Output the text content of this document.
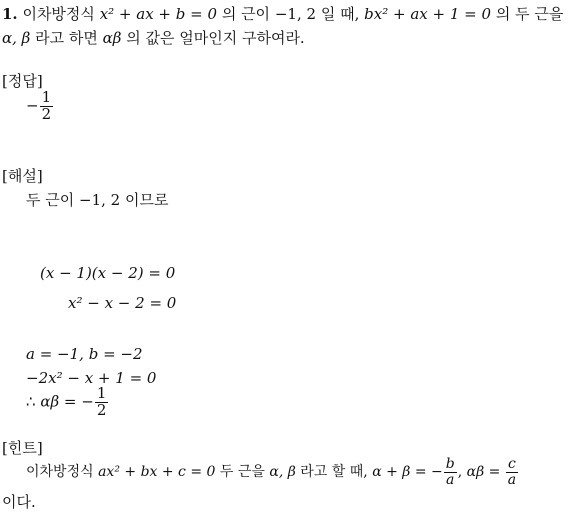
1. 이차방정식 x² + ax + b = 0 의 근이 −1, 2 일 때, bx² + ax + 1 = 0 의 두 근을
α, β 라고 하면 αβ 의 값은 얼마인지 구하여라.
[정답]
− $\frac{1}{2}$
[해설]
두 근이 −1, 2 이므로
(x − 1)(x − 2) = 0
x² − x − 2 = 0
a = −1, b = −2
−2x² − x + 1 = 0
∴ αβ = − $\frac{1}{2}$
[힌트]
이차방정식 ax² + bx + c = 0 두 근을 α, β 라고 할 때, α + β = − $\frac{b}{a}$ , $\alpha\beta = \frac{c}{a}$
이다.
